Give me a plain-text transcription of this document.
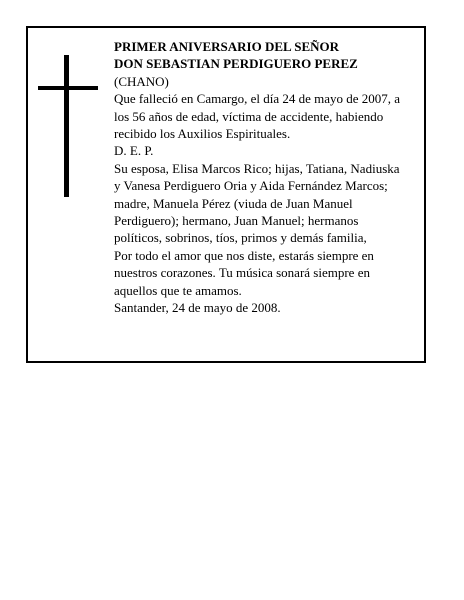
PRIMER ANIVERSARIO DEL SEÑOR
DON SEBASTIAN PERDIGUERO PEREZ
(CHANO)
Que falleció en Camargo, el día 24 de mayo de 2007, a
los 56 años de edad, víctima de accidente, habiendo
recibido los Auxilios Espirituales.
D. E. P.
Su esposa, Elisa Marcos Rico; hijas, Tatiana, Nadiuska
y Vanesa Perdiguero Oria y Aida Fernández Marcos;
madre, Manuela Pérez (viuda de Juan Manuel
Perdiguero); hermano, Juan Manuel; hermanos
políticos, sobrinos, tíos, primos y demás familia,
Por todo el amor que nos diste, estarás siempre en
nuestros corazones. Tu música sonará siempre en
aquellos que te amamos.
Santander, 24 de mayo de 2008.
